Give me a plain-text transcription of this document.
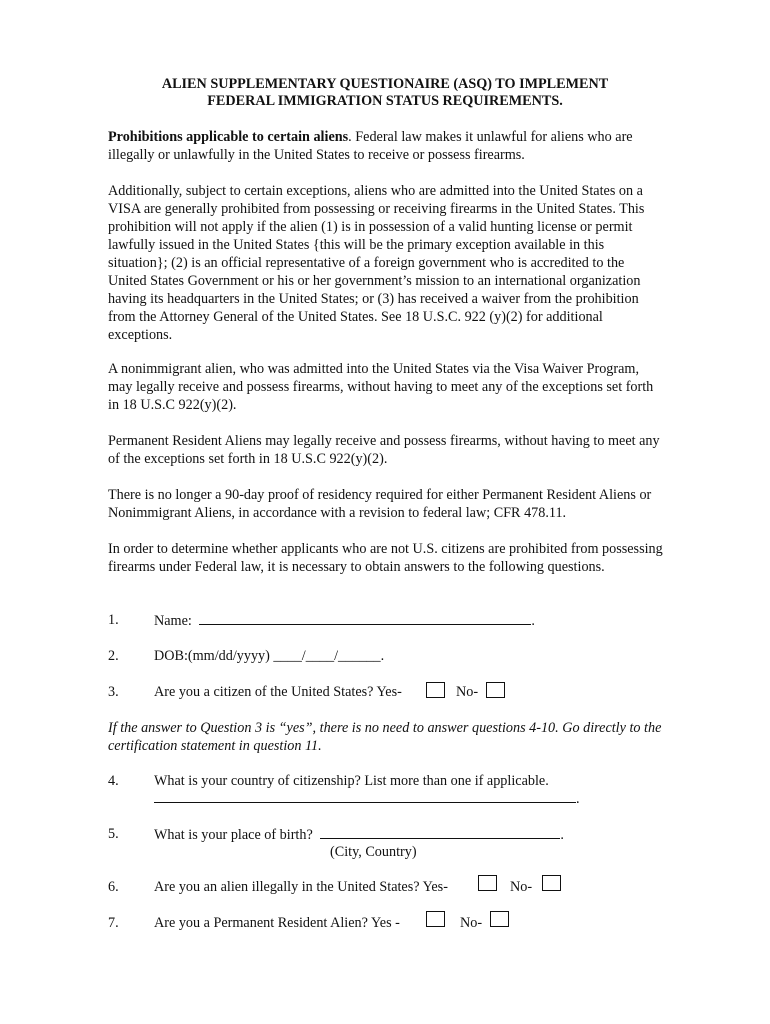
ALIEN SUPPLEMENTARY QUESTIONAIRE (ASQ) TO IMPLEMENT
FEDERAL IMMIGRATION STATUS REQUIREMENTS.

Prohibitions applicable to certain aliens. Federal law makes it unlawful for aliens who are illegally or unlawfully in the United States to receive or possess firearms.

Additionally, subject to certain exceptions, aliens who are admitted into the United States on a VISA are generally prohibited from possessing or receiving firearms in the United States. This prohibition will not apply if the alien (1) is in possession of a valid hunting license or permit lawfully issued in the United States {this will be the primary exception available in this situation}; (2) is an official representative of a foreign government who is accredited to the United States Government or his or her government’s mission to an international organization having its headquarters in the United States; or (3) has received a waiver from the prohibition from the Attorney General of the United States. See 18 U.S.C. 922 (y)(2) for additional exceptions.

A nonimmigrant alien, who was admitted into the United States via the Visa Waiver Program, may legally receive and possess firearms, without having to meet any of the exceptions set forth in 18 U.S.C 922(y)(2).

Permanent Resident Aliens may legally receive and possess firearms, without having to meet any of the exceptions set forth in 18 U.S.C 922(y)(2).

There is no longer a 90-day proof of residency required for either Permanent Resident Aliens or Nonimmigrant Aliens, in accordance with a revision to federal law; CFR 478.11.

In order to determine whether applicants who are not U.S. citizens are prohibited from possessing firearms under Federal law, it is necessary to obtain answers to the following questions.

1. Name:	.
2. DOB:(mm/dd/yyyy) ____/____/______.
3. Are you a citizen of the United States? Yes-	No-

If the answer to Question 3 is “yes”, there is no need to answer questions 4-10. Go directly to the certification statement in question 11.

4. What is your country of citizenship? List more than one if applicable.
.
5. What is your place of birth?	.
(City, Country)
6. Are you an alien illegally in the United States? Yes-	No-
7. Are you a Permanent Resident Alien? Yes -	No-
